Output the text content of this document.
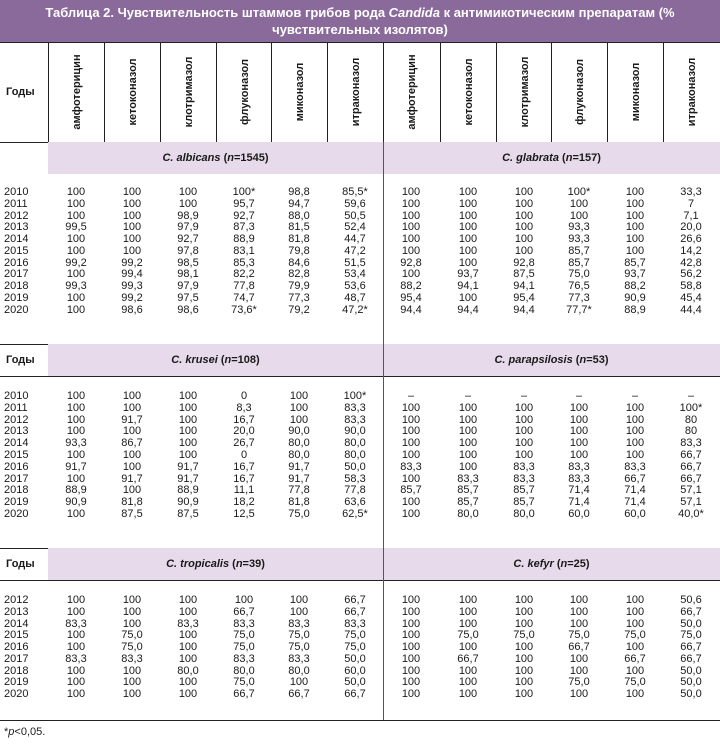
Таблица 2. Чувствительность штаммов грибов рода Candida к антимикотическим препаратам (% чувствительных изолятов)
Годы	амфотерицин	кетоконазол	клотримазол	флуконазол	миконазол	итраконазол	амфотерицин	кетоконазол	клотримазол	флуконазол	миконазол	итраконазол
C. albicans (n=1545)	C. glabrata (n=157)
2010	100	100	100	100*	98,8	85,5*	100	100	100	100*	100	33,3
2011	100	100	100	95,7	94,7	59,6	100	100	100	100	100	7
2012	100	100	98,9	92,7	88,0	50,5	100	100	100	100	100	7,1
2013	99,5	100	97,9	87,3	81,5	52,4	100	100	100	93,3	100	20,0
2014	100	100	92,7	88,9	81,8	44,7	100	100	100	93,3	100	26,6
2015	100	100	97,8	83,1	79,8	47,2	100	100	100	85,7	100	14,2
2016	99,2	99,2	98,5	85,3	84,6	51,5	92,8	100	92,8	85,7	85,7	42,8
2017	100	99,4	98,1	82,2	82,8	53,4	100	93,7	87,5	75,0	93,7	56,2
2018	99,3	99,3	97,9	77,8	79,9	53,6	88,2	94,1	94,1	76,5	88,2	58,8
2019	100	99,2	97,5	74,7	77,3	48,7	95,4	100	95,4	77,3	90,9	45,4
2020	100	98,6	98,6	73,6*	79,2	47,2*	94,4	94,4	94,4	77,7*	88,9	44,4
C. krusei (n=108)	C. parapsilosis (n=53)
Годы
2010	100	100	100	0	100	100*	–	–	–	–	–	–
2011	100	100	100	8,3	100	83,3	100	100	100	100	100	100*
2012	100	91,7	100	16,7	100	83,3	100	100	100	100	100	80
2013	100	100	100	20,0	90,0	90,0	100	100	100	100	100	80
2014	93,3	86,7	100	26,7	80,0	80,0	100	100	100	100	100	83,3
2015	100	100	100	0	80,0	80,0	100	100	100	100	100	66,7
2016	91,7	100	91,7	16,7	91,7	50,0	83,3	100	83,3	83,3	83,3	66,7
2017	100	91,7	91,7	16,7	91,7	58,3	100	83,3	83,3	83,3	66,7	66,7
2018	88,9	100	88,9	11,1	77,8	77,8	85,7	85,7	85,7	71,4	71,4	57,1
2019	90,9	81,8	90,9	18,2	81,8	63,6	100	85,7	85,7	71,4	71,4	57,1
2020	100	87,5	87,5	12,5	75,0	62,5*	100	80,0	80,0	60,0	60,0	40,0*
C. tropicalis (n=39)	C. kefyr (n=25)
Годы
2012	100	100	100	100	100	66,7	100	100	100	100	100	50,6
2013	100	100	100	66,7	100	66,7	100	100	100	100	100	66,7
2014	83,3	100	83,3	83,3	83,3	83,3	100	100	100	100	100	50,0
2015	100	75,0	100	75,0	75,0	75,0	100	75,0	75,0	75,0	75,0	75,0
2016	100	75,0	100	75,0	75,0	75,0	100	100	100	66,7	100	66,7
2017	83,3	83,3	100	83,3	83,3	50,0	100	66,7	100	100	66,7	66,7
2018	100	100	80,0	80,0	80,0	60,0	100	100	100	100	100	50,0
2019	100	100	100	75,0	100	50,0	100	100	100	75,0	75,0	50,0
2020	100	100	100	66,7	66,7	66,7	100	100	100	100	100	50,0
*p<0,05.
